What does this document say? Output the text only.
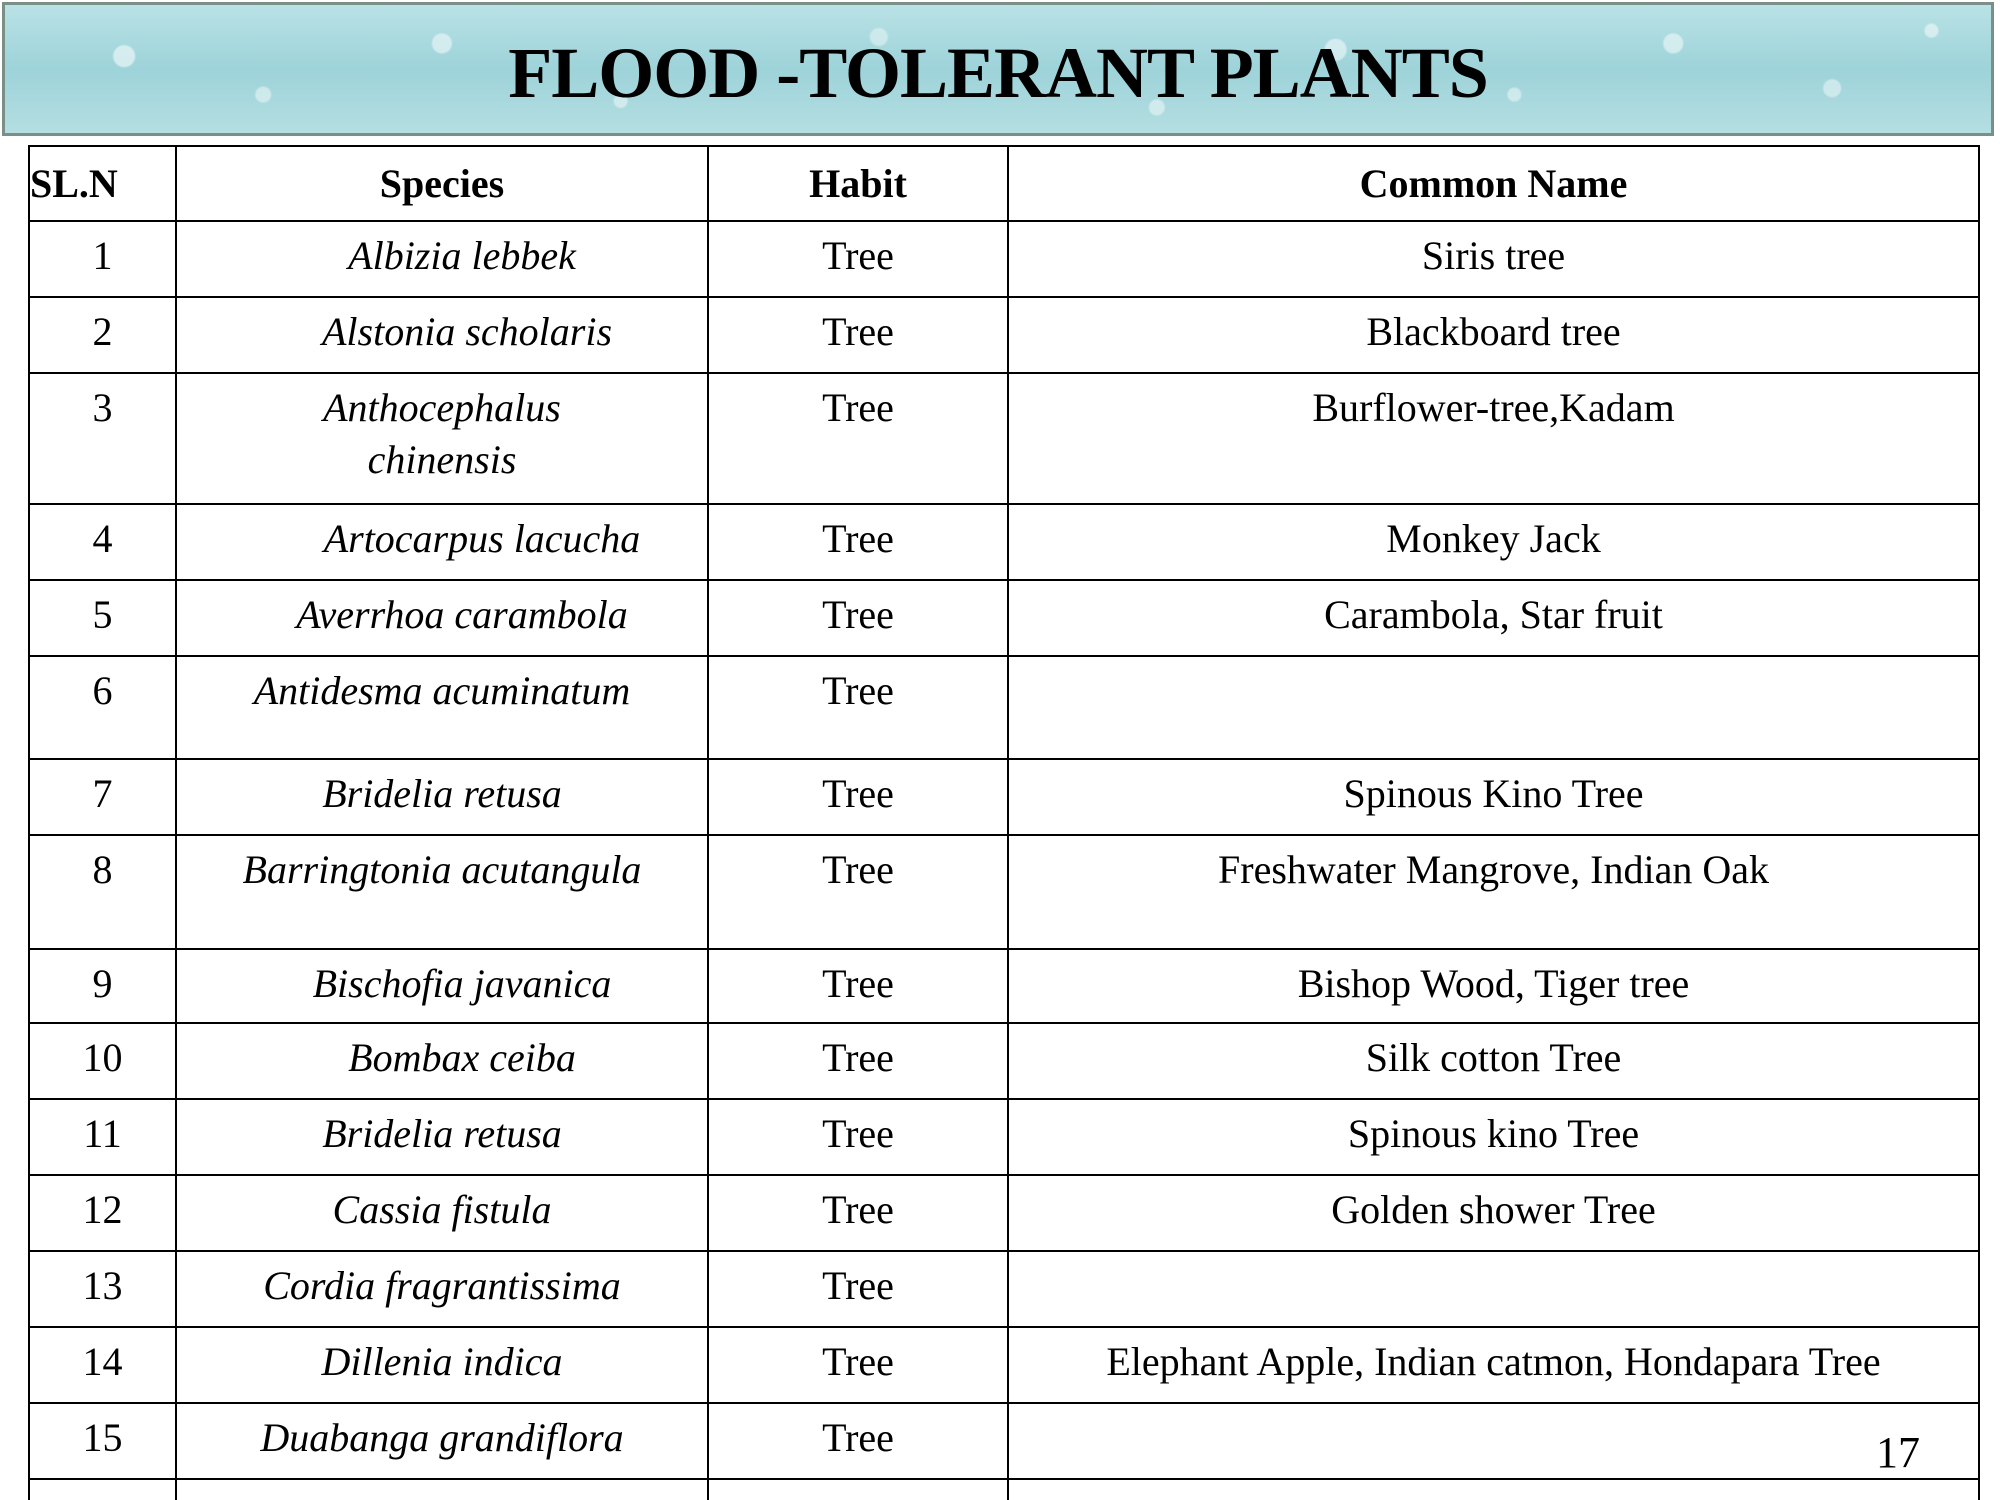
FLOOD -TOLERANT PLANTS
SL.N	Species	Habit	Common Name
1	Albizia lebbek	Tree	Siris tree
2	Alstonia scholaris	Tree	Blackboard tree
3	Anthocephalus chinensis	Tree	Burflower-tree,Kadam
4	Artocarpus lacucha	Tree	Monkey Jack
5	Averrhoa carambola	Tree	Carambola, Star fruit
6	Antidesma acuminatum	Tree	
7	Bridelia retusa	Tree	Spinous Kino Tree
8	Barringtonia acutangula	Tree	Freshwater Mangrove, Indian Oak
9	Bischofia javanica	Tree	Bishop Wood, Tiger tree
10	Bombax ceiba	Tree	Silk cotton Tree
11	Bridelia retusa	Tree	Spinous kino Tree
12	Cassia fistula	Tree	Golden shower Tree
13	Cordia fragrantissima	Tree	
14	Dillenia indica	Tree	Elephant Apple, Indian catmon, Hondapara Tree
15	Duabanga grandiflora	Tree	
				17
